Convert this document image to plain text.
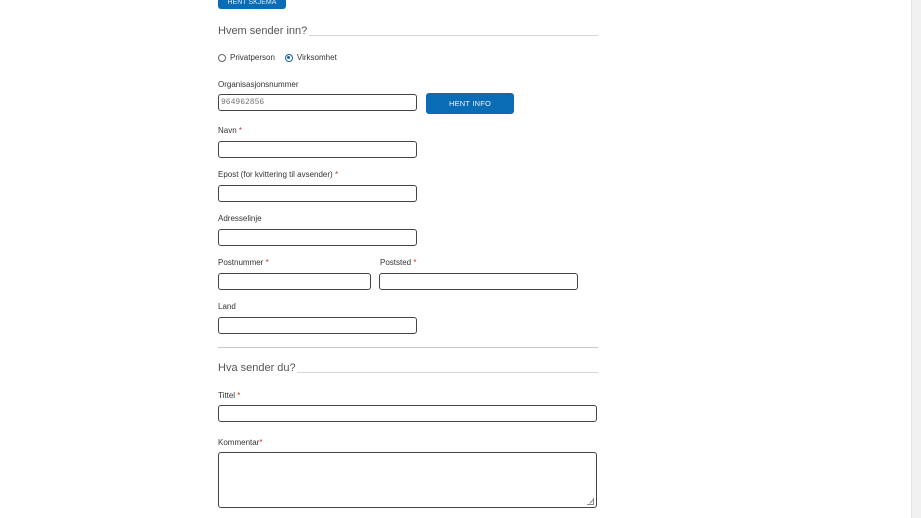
HENT SKJEMA
Hvem sender inn?
Privatperson	Virksomhet
Organisasjonsnummer
964962856	HENT INFO
Navn *
Epost (for kvittering til avsender) *
Adresselinje
Postnummer *	Poststed *
Land
Hva sender du?
Tittel *
Kommentar*
